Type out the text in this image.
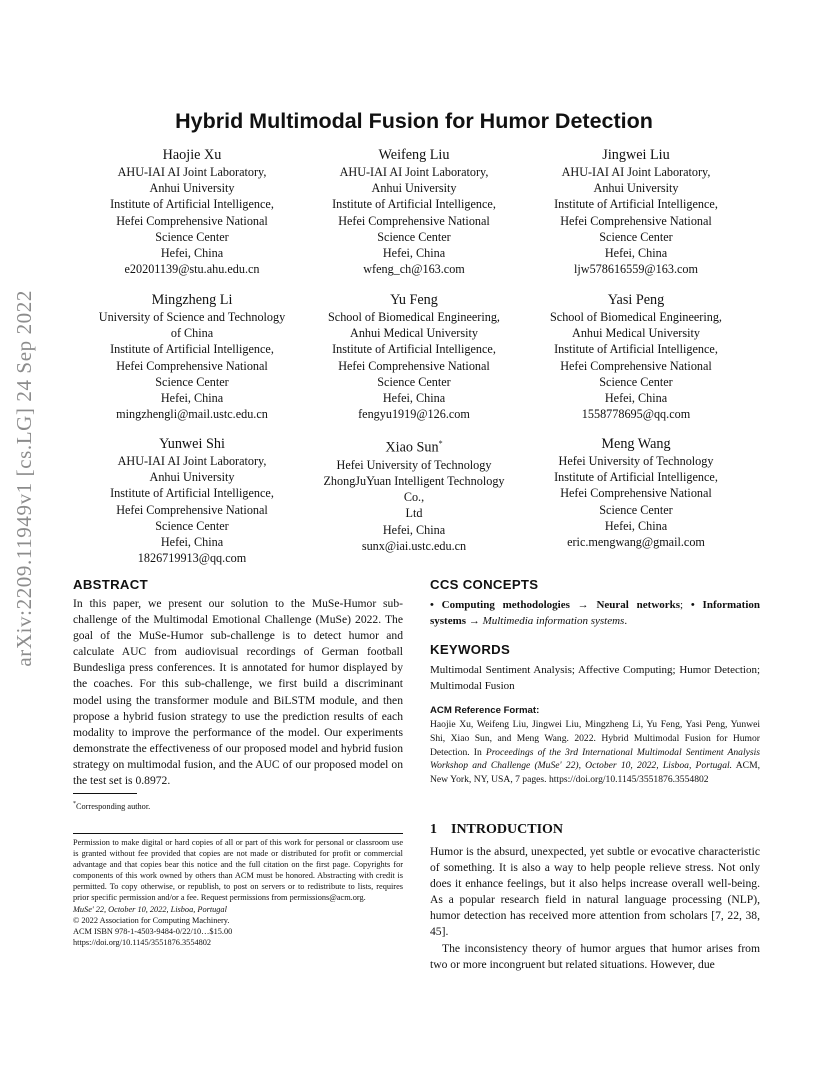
arXiv:2209.11949v1 [cs.LG] 24 Sep 2022
Hybrid Multimodal Fusion for Humor Detection
Haojie Xu
AHU-IAI AI Joint Laboratory,
Anhui University
Institute of Artificial Intelligence,
Hefei Comprehensive National
Science Center
Hefei, China
e20201139@stu.ahu.edu.cn
Weifeng Liu
AHU-IAI AI Joint Laboratory,
Anhui University
Institute of Artificial Intelligence,
Hefei Comprehensive National
Science Center
Hefei, China
wfeng_ch@163.com
Jingwei Liu
AHU-IAI AI Joint Laboratory,
Anhui University
Institute of Artificial Intelligence,
Hefei Comprehensive National
Science Center
Hefei, China
ljw578616559@163.com
Mingzheng Li
University of Science and Technology
of China
Institute of Artificial Intelligence,
Hefei Comprehensive National
Science Center
Hefei, China
mingzhengli@mail.ustc.edu.cn
Yu Feng
School of Biomedical Engineering,
Anhui Medical University
Institute of Artificial Intelligence,
Hefei Comprehensive National
Science Center
Hefei, China
fengyu1919@126.com
Yasi Peng
School of Biomedical Engineering,
Anhui Medical University
Institute of Artificial Intelligence,
Hefei Comprehensive National
Science Center
Hefei, China
1558778695@qq.com
Yunwei Shi
AHU-IAI AI Joint Laboratory,
Anhui University
Institute of Artificial Intelligence,
Hefei Comprehensive National
Science Center
Hefei, China
1826719913@qq.com
Xiao Sun*
Hefei University of Technology
ZhongJuYuan Intelligent Technology
Co.,
Ltd
Hefei, China
sunx@iai.ustc.edu.cn
Meng Wang
Hefei University of Technology
Institute of Artificial Intelligence,
Hefei Comprehensive National
Science Center
Hefei, China
eric.mengwang@gmail.com
ABSTRACT
In this paper, we present our solution to the MuSe-Humor sub-challenge of the Multimodal Emotional Challenge (MuSe) 2022. The goal of the MuSe-Humor sub-challenge is to detect humor and calculate AUC from audiovisual recordings of German football Bundesliga press conferences. It is annotated for humor displayed by the coaches. For this sub-challenge, we first build a discriminant model using the transformer module and BiLSTM module, and then propose a hybrid fusion strategy to use the prediction results of each modality to improve the performance of the model. Our experiments demonstrate the effectiveness of our proposed model and hybrid fusion strategy on multimodal fusion, and the AUC of our proposed model on the test set is 0.8972.
*Corresponding author.
Permission to make digital or hard copies of all or part of this work for personal or classroom use is granted without fee provided that copies are not made or distributed for profit or commercial advantage and that copies bear this notice and the full citation on the first page. Copyrights for components of this work owned by others than ACM must be honored. Abstracting with credit is permitted. To copy otherwise, or republish, to post on servers or to redistribute to lists, requires prior specific permission and/or a fee. Request permissions from permissions@acm.org.
MuSe' 22, October 10, 2022, Lisboa, Portugal
© 2022 Association for Computing Machinery.
ACM ISBN 978-1-4503-9484-0/22/10…$15.00
https://doi.org/10.1145/3551876.3554802
CCS CONCEPTS
• Computing methodologies → Neural networks; • Information systems → Multimedia information systems.
KEYWORDS
Multimodal Sentiment Analysis; Affective Computing; Humor Detection; Multimodal Fusion
ACM Reference Format:
Haojie Xu, Weifeng Liu, Jingwei Liu, Mingzheng Li, Yu Feng, Yasi Peng, Yunwei Shi, Xiao Sun, and Meng Wang. 2022. Hybrid Multimodal Fusion for Humor Detection. In Proceedings of the 3rd International Multimodal Sentiment Analysis Workshop and Challenge (MuSe' 22), October 10, 2022, Lisboa, Portugal. ACM, New York, NY, USA, 7 pages. https://doi.org/10.1145/3551876.3554802
1 INTRODUCTION
Humor is the absurd, unexpected, yet subtle or evocative characteristic of something. It is also a way to help people relieve stress. Not only does it enhance feelings, but it also helps increase overall well-being. As a popular research field in natural language processing (NLP), humor detection has received more attention from scholars [7, 22, 38, 45].
The inconsistency theory of humor argues that humor arises from two or more incongruent but related situations. However, due
